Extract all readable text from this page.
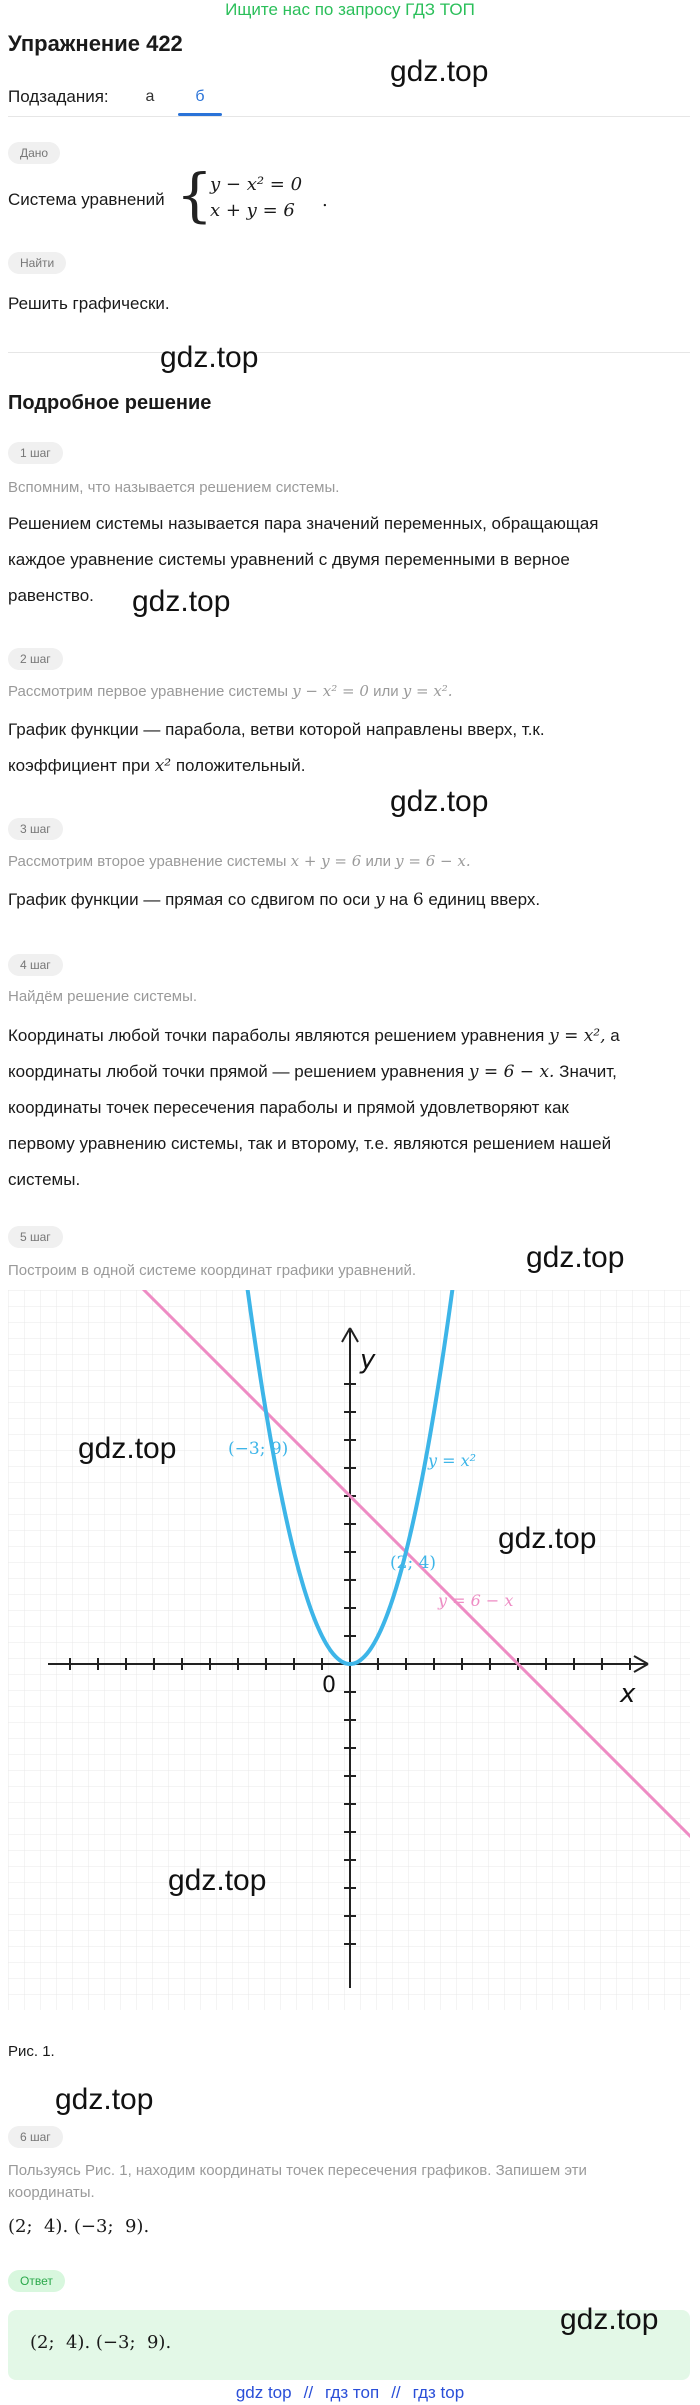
Ищите нас по запросу ГДЗ ТОП
Упражнение 422
gdz.top
Подзадания:	а	б
Дано
Система уравнений {
y − x² = 0
x + y = 6 .
Найти
Решить графически.
gdz.top
Подробное решение
1 шаг
Вспомним, что называется решением системы.
Решением системы называется пара значений переменных, обращающая
каждое уравнение системы уравнений с двумя переменными в верное
равенство. gdz.top
2 шаг
Рассмотрим первое уравнение системы y − x² = 0 или y = x².
График функции — парабола, ветви которой направлены вверх, т.к.
коэффициент при x² положительный.
gdz.top
3 шаг
Рассмотрим второе уравнение системы x + y = 6 или y = 6 − x.
График функции — прямая со сдвигом по оси y на 6 единиц вверх.
4 шаг
Найдём решение системы.
Координаты любой точки параболы являются решением уравнения y = x², а
координаты любой точки прямой — решением уравнения y = 6 − x. Значит,
координаты точек пересечения параболы и прямой удовлетворяют как
первому уравнению системы, так и второму, т.е. являются решением нашей
системы.
5 шаг
Построим в одной системе координат графики уравнений.	gdz.top
x
y
0
y = x²
y = 6 − x
(−3; 9)
(2; 4)
gdz.top
gdz.top
gdz.top
Рис. 1.
gdz.top
6 шаг
Пользуясь Рис. 1, находим координаты точек пересечения графиков. Запишем эти
координаты.
(2;  4). (−3;  9).
Ответ
(2;  4). (−3;  9).
gdz.top
gdz top // гдз топ // гдз top
